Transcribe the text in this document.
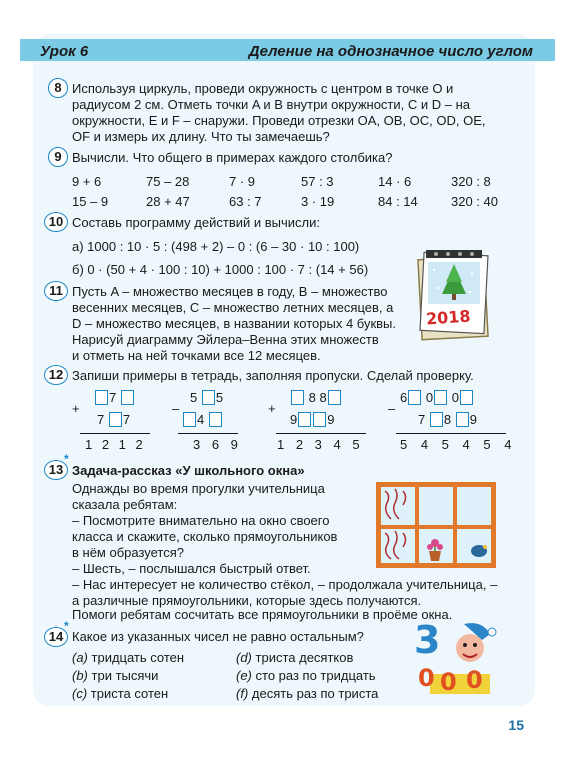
Урок 6	Деление на однозначное число углом
8 Используя циркуль, проведи окружность с центром в точке O и
радиусом 2 см. Отметь точки A и B внутри окружности, C и D – на
окружности, E и F – снаружи. Проведи отрезки OA, OB, OC, OD, OE,
OF и измерь их длину. Что ты замечаешь?
9 Вычисли. Что общего в примерах каждого столбика?
9 + 6	75 – 28	7 · 9	57 : 3	14 · 6	320 : 8
15 – 9	28 + 47	63 : 7	3 · 19	84 : 14	320 : 40
10 Составь программу действий и вычисли:
а) 1000 : 10 · 5 : (498 + 2) – 0 : (6 – 30 · 10 : 100)
б) 0 · (50 + 4 · 100 : 10) + 1000 : 100 · 7 : (14 + 56)
11 Пусть A – множество месяцев в году, B – множество
весенних месяцев, C – множество летних месяцев, а
D – множество месяцев, в названии которых 4 буквы.
Нарисуй диаграмму Эйлера–Венна этих множеств
и отметь на ней точками все 12 месяцев.
2018
12 Запиши примеры в тетрадь, заполняя пропуски. Сделай проверку.
+
7
7 7
1 2 1 2
–
5 5
4
3 6 9
+
8 8
9 9
1 2 3 4 5
–
6 0 0
7 8 9
5 4 5 4 5 4
13
*
Задача-рассказ «У школьного окна»
Однажды во время прогулки учительница
сказала ребятам:
– Посмотрите внимательно на окно своего
класса и скажите, сколько прямоугольников
в нём образуется?
– Шесть, – послышался быстрый ответ.
– Нас интересует не количество стёкол, – продолжала учительница, –
а различные прямоугольники, которые здесь получаются.
Помоги ребятам сосчитать все прямоугольники в проёме окна.
14
*
Какое из указанных чисел не равно остальным?
(a) тридцать сотен
(b) три тысячи
(c) триста сотен
(d) триста десятков
(e) сто раз по тридцать
(f) десять раз по триста
3
0 0 0
15
